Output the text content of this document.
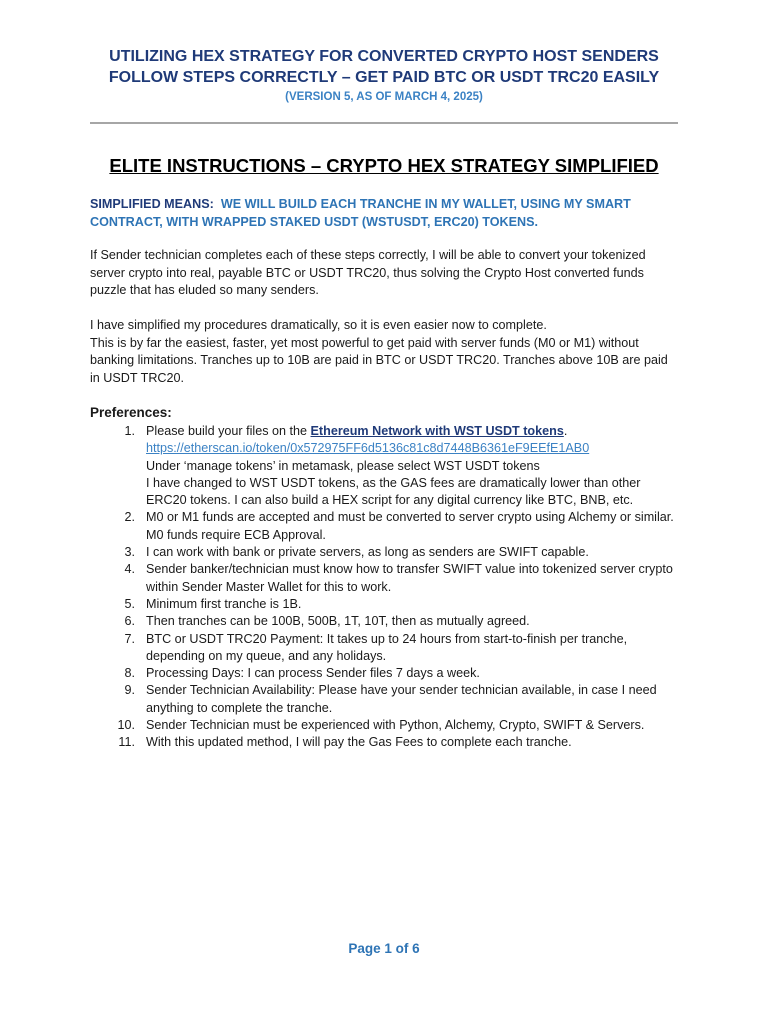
UTILIZING HEX STRATEGY FOR CONVERTED CRYPTO HOST SENDERS
FOLLOW STEPS CORRECTLY – GET PAID BTC OR USDT TRC20 EASILY
(VERSION 5, AS OF MARCH 4, 2025)
ELITE INSTRUCTIONS – CRYPTO HEX STRATEGY SIMPLIFIED
SIMPLIFIED MEANS: WE WILL BUILD EACH TRANCHE IN MY WALLET, USING MY SMART CONTRACT, WITH WRAPPED STAKED USDT (WSTUSDT, ERC20) TOKENS.

If Sender technician completes each of these steps correctly, I will be able to convert your tokenized server crypto into real, payable BTC or USDT TRC20, thus solving the Crypto Host converted funds puzzle that has eluded so many senders.

I have simplified my procedures dramatically, so it is even easier now to complete.

This is by far the easiest, faster, yet most powerful to get paid with server funds (M0 or M1) without banking limitations. Tranches up to 10B are paid in BTC or USDT TRC20. Tranches above 10B are paid in USDT TRC20.

Preferences:
1. Please build your files on the Ethereum Network with WST USDT tokens.
https://etherscan.io/token/0x572975FF6d5136c81c8d7448B6361eF9EEfE1AB0
Under ‘manage tokens’ in metamask, please select WST USDT tokens
I have changed to WST USDT tokens, as the GAS fees are dramatically lower than other ERC20 tokens. I can also build a HEX script for any digital currency like BTC, BNB, etc.
2. M0 or M1 funds are accepted and must be converted to server crypto using Alchemy or similar. M0 funds require ECB Approval.
3. I can work with bank or private servers, as long as senders are SWIFT capable.
4. Sender banker/technician must know how to transfer SWIFT value into tokenized server crypto within Sender Master Wallet for this to work.
5. Minimum first tranche is 1B.
6. Then tranches can be 100B, 500B, 1T, 10T, then as mutually agreed.
7. BTC or USDT TRC20 Payment: It takes up to 24 hours from start-to-finish per tranche, depending on my queue, and any holidays.
8. Processing Days: I can process Sender files 7 days a week.
9. Sender Technician Availability: Please have your sender technician available, in case I need anything to complete the tranche.
10. Sender Technician must be experienced with Python, Alchemy, Crypto, SWIFT & Servers.
11. With this updated method, I will pay the Gas Fees to complete each tranche.
Page 1 of 6
